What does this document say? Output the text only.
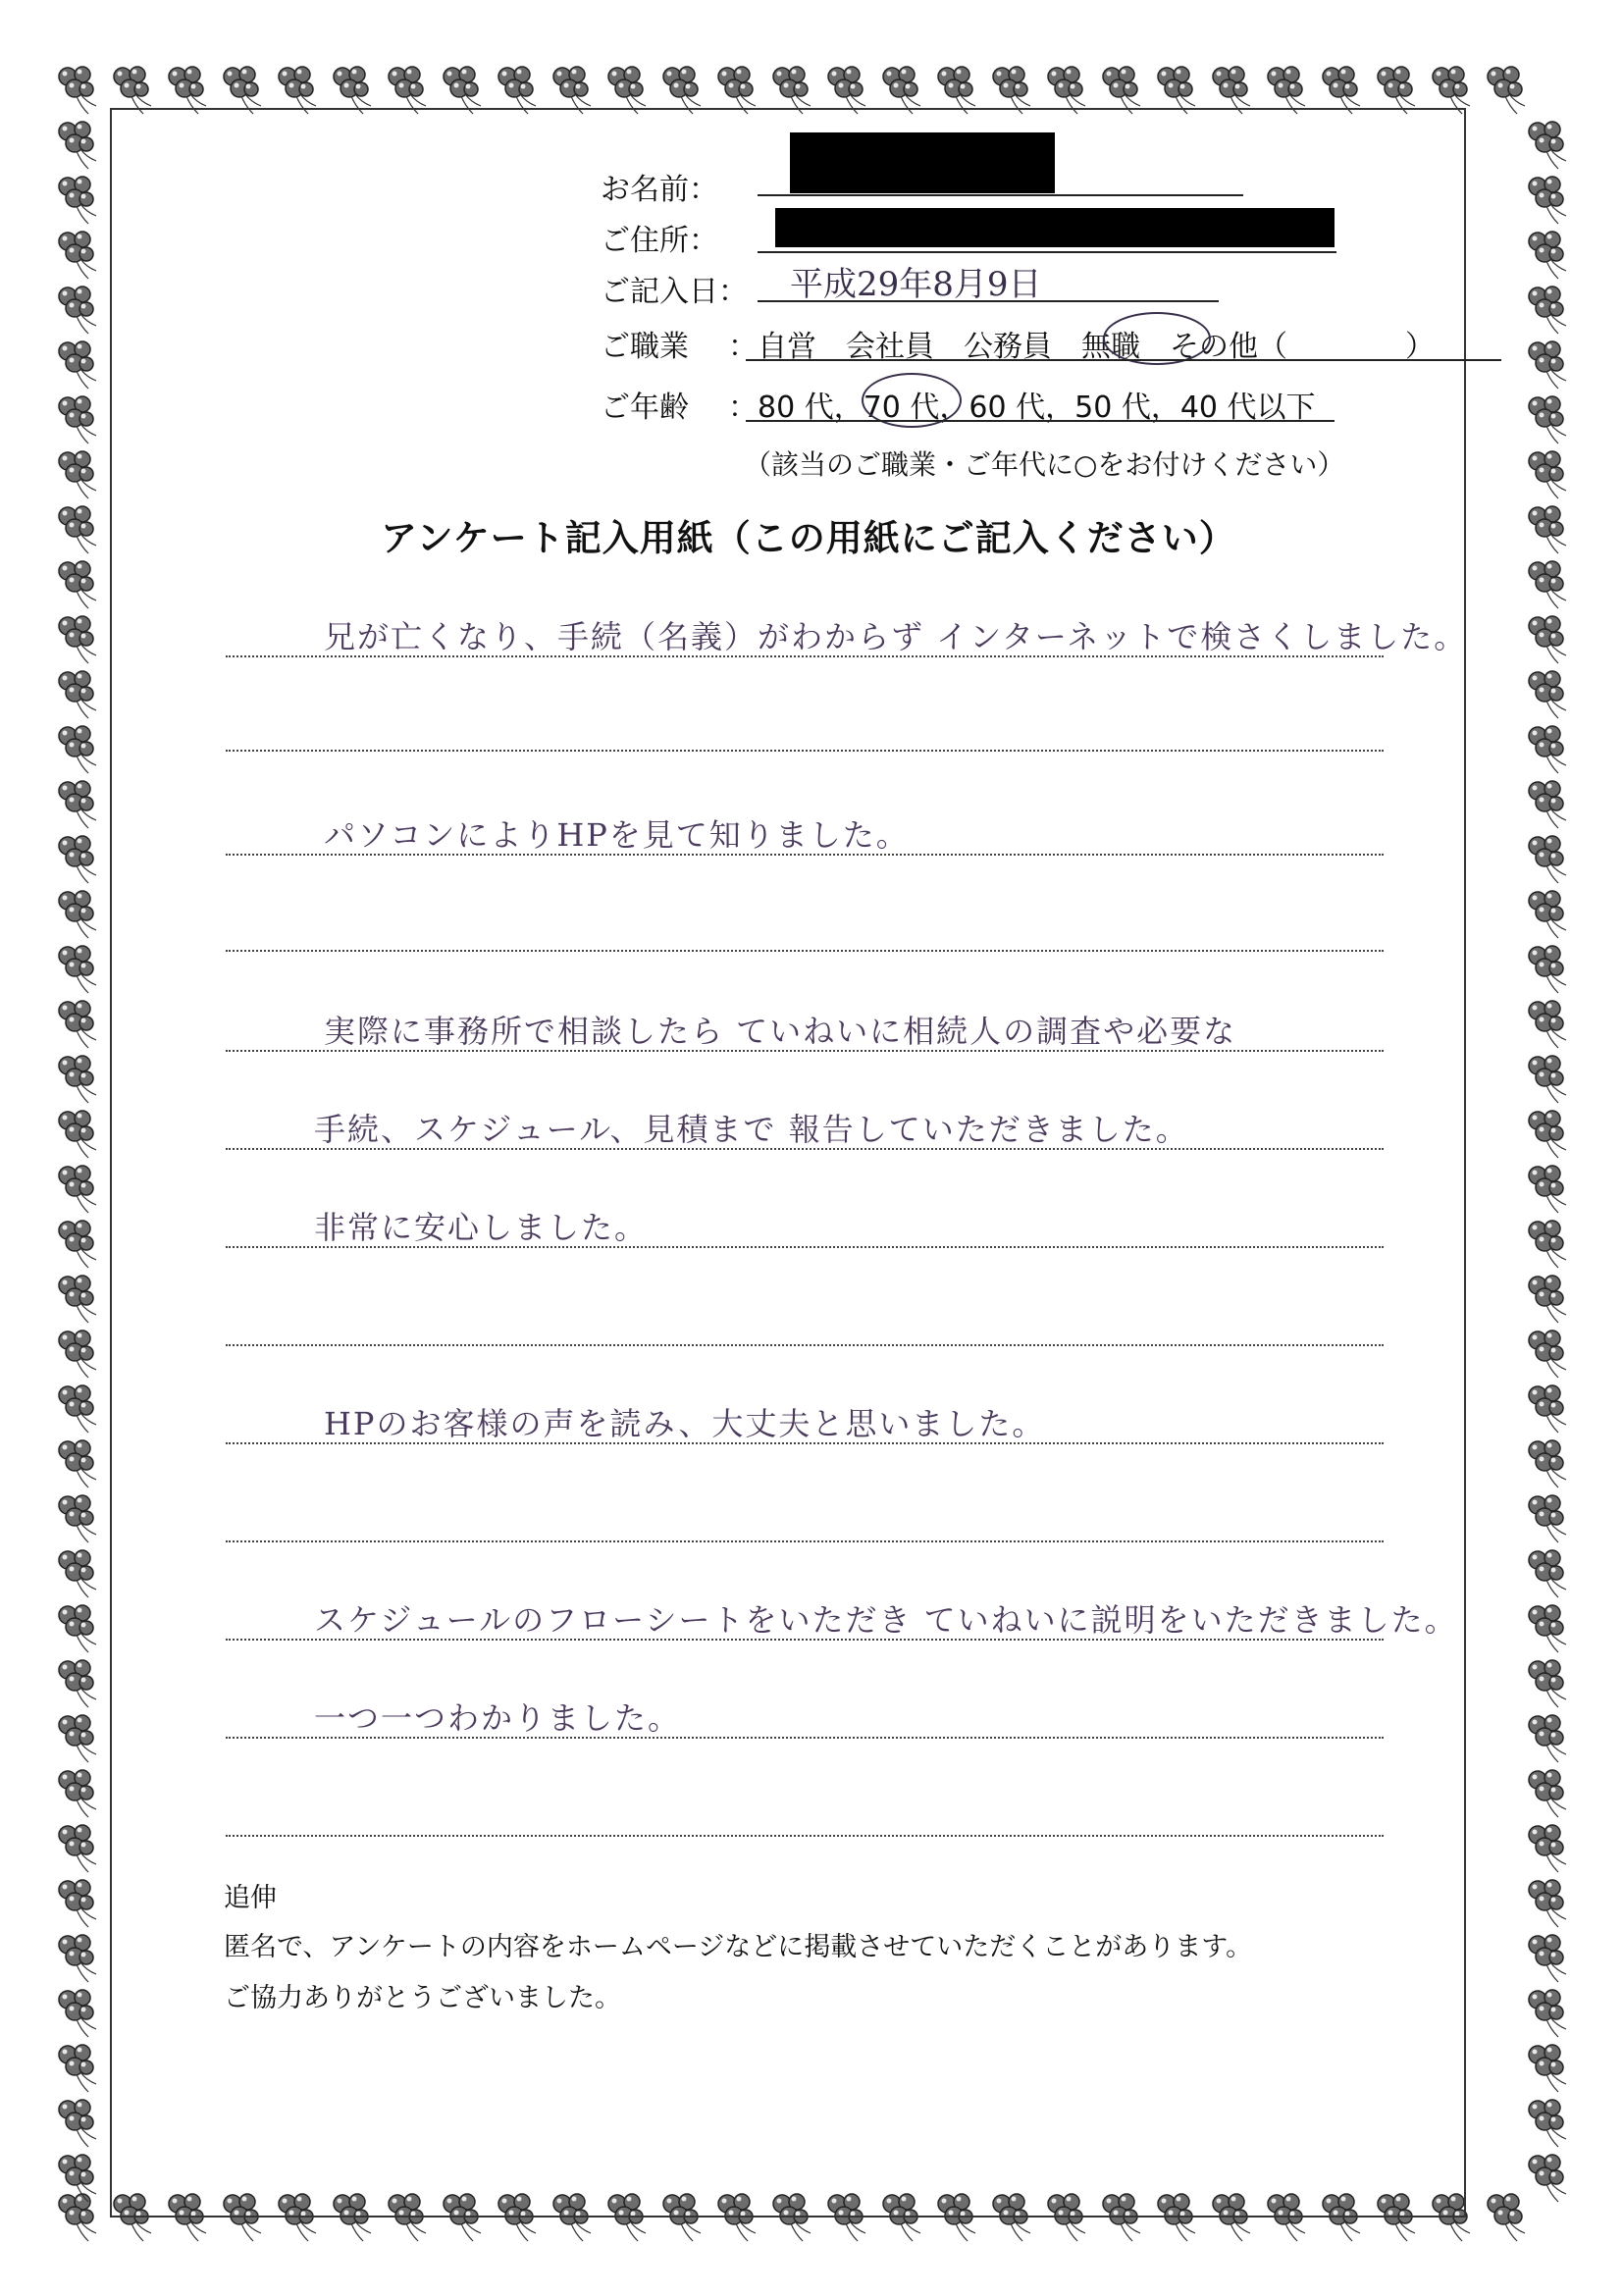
お名前：
ご住所：
ご記入日： 平成29年8月9日
ご職業 ：自営　会社員　公務員　無職　その他（　　　　）
ご年齢 ：80 代，70 代，60 代，50 代，40 代以下
（該当のご職業・ご年代に○をお付けください）
アンケート記入用紙（この用紙にご記入ください）
兄が亡くなり、手続（名義）がわからず インターネットで検さくしました。
パソコンによりHPを見て知りました。
実際に事務所で相談したら ていねいに相続人の調査や必要な
手続、スケジュール、見積まで 報告していただきました。
非常に安心しました。
HPのお客様の声を読み、大丈夫と思いました。
スケジュールのフローシートをいただき ていねいに説明をいただきました。
一つ一つわかりました。
追伸
匿名で、アンケートの内容をホームページなどに掲載させていただくことがあります。
ご協力ありがとうございました。
